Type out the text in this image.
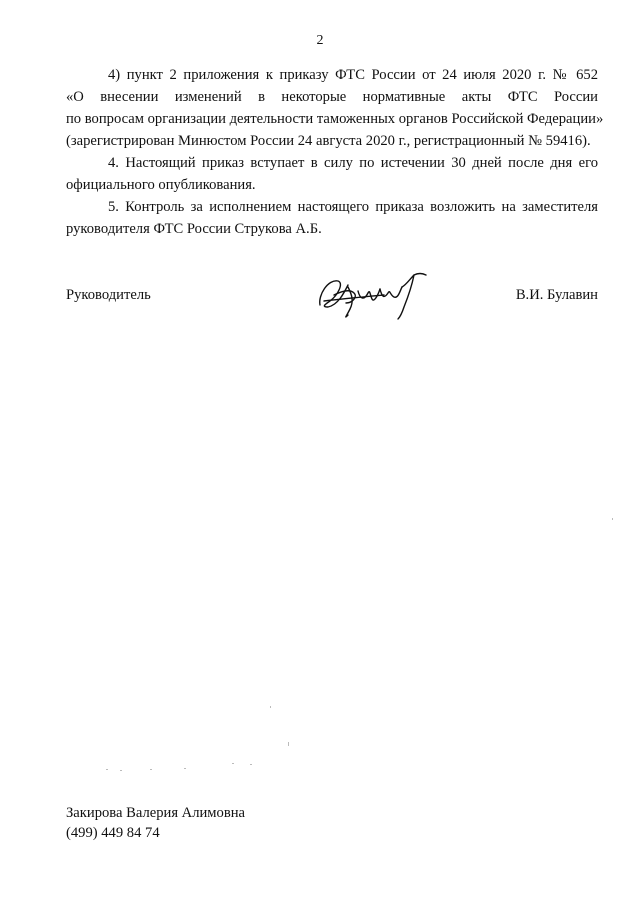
2
4) пункт 2 приложения к приказу ФТС России от 24 июля 2020 г. № 652
«О внесении изменений в некоторые нормативные акты ФТС России
по вопросам организации деятельности таможенных органов Российской Федерации»
(зарегистрирован Минюстом России 24 августа 2020 г., регистрационный № 59416).
4. Настоящий приказ вступает в силу по истечении 30 дней после дня его
официального опубликования.
5. Контроль за исполнением настоящего приказа возложить на заместителя
руководителя ФТС России Струкова А.Б.
Руководитель	В.И. Булавин
Закирова Валерия Алимовна
(499) 449 84 74
